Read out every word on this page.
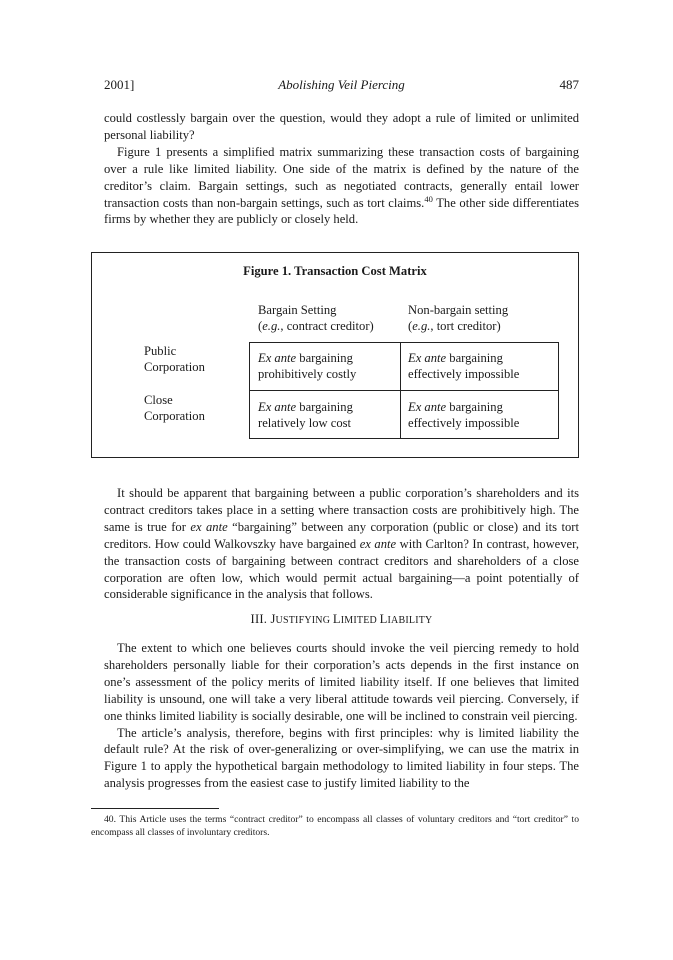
2001]	Abolishing Veil Piercing	487

could costlessly bargain over the question, would they adopt a rule of limited or unlimited personal liability?

Figure 1 presents a simplified matrix summarizing these transaction costs of bargaining over a rule like limited liability. One side of the matrix is defined by the nature of the creditor’s claim. Bargain settings, such as negotiated contracts, generally entail lower transaction costs than non-bargain settings, such as tort claims.$^{40}$ The other side differentiates firms by whether they are publicly or closely held.

Figure 1. Transaction Cost Matrix
Bargain Setting
(e.g., contract creditor)
Non-bargain setting
(e.g., tort creditor)
Public
Corporation
Close
Corporation
Ex ante bargaining
prohibitively costly
Ex ante bargaining
effectively impossible
Ex ante bargaining
relatively low cost
Ex ante bargaining
effectively impossible

It should be apparent that bargaining between a public corporation’s shareholders and its contract creditors takes place in a setting where transaction costs are prohibitively high. The same is true for ex ante “bargaining” between any corporation (public or close) and its tort creditors. How could Walkovszky have bargained ex ante with Carlton? In contrast, however, the transaction costs of bargaining between contract creditors and shareholders of a close corporation are often low, which would permit actual bargaining—a point potentially of considerable significance in the analysis that follows.

III. JUSTIFYING LIMITED LIABILITY

The extent to which one believes courts should invoke the veil piercing remedy to hold shareholders personally liable for their corporation’s acts depends in the first instance on one’s assessment of the policy merits of limited liability itself. If one believes that limited liability is unsound, one will take a very liberal attitude towards veil piercing. Conversely, if one thinks limited liability is socially desirable, one will be inclined to constrain veil piercing.

The article’s analysis, therefore, begins with first principles: why is limited liability the default rule? At the risk of over-generalizing or over-simplifying, we can use the matrix in Figure 1 to apply the hypothetical bargain methodology to limited liability in four steps. The analysis progresses from the easiest case to justify limited liability to the

40. This Article uses the terms “contract creditor” to encompass all classes of voluntary creditors and “tort creditor” to encompass all classes of involuntary creditors.
